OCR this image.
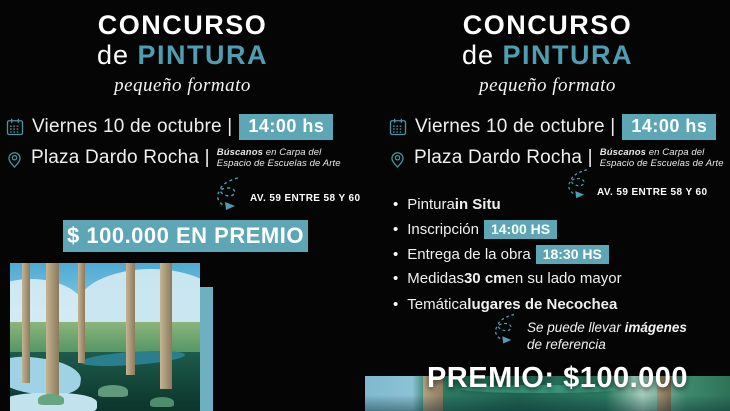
CONCURSO
de PINTURA
pequeño formato
Viernes 10 de octubre | 14:00 hs
Plaza Dardo Rocha | Búscanos en Carpa del
Espacio de Escuelas de Arte
AV. 59 ENTRE 58 Y 60
$ 100.000 EN PREMIO
CONCURSO
de PINTURA
pequeño formato
Viernes 10 de octubre | 14:00 hs
Plaza Dardo Rocha | Búscanos en Carpa del
Espacio de Escuelas de Arte
AV. 59 ENTRE 58 Y 60
• Pintura in Situ
• Inscripción 14:00 HS
• Entrega de la obra 18:30 HS
• Medidas 30 cm en su lado mayor
• Temática lugares de Necochea
Se puede llevar imágenes
de referencia
PREMIO: $100.000
